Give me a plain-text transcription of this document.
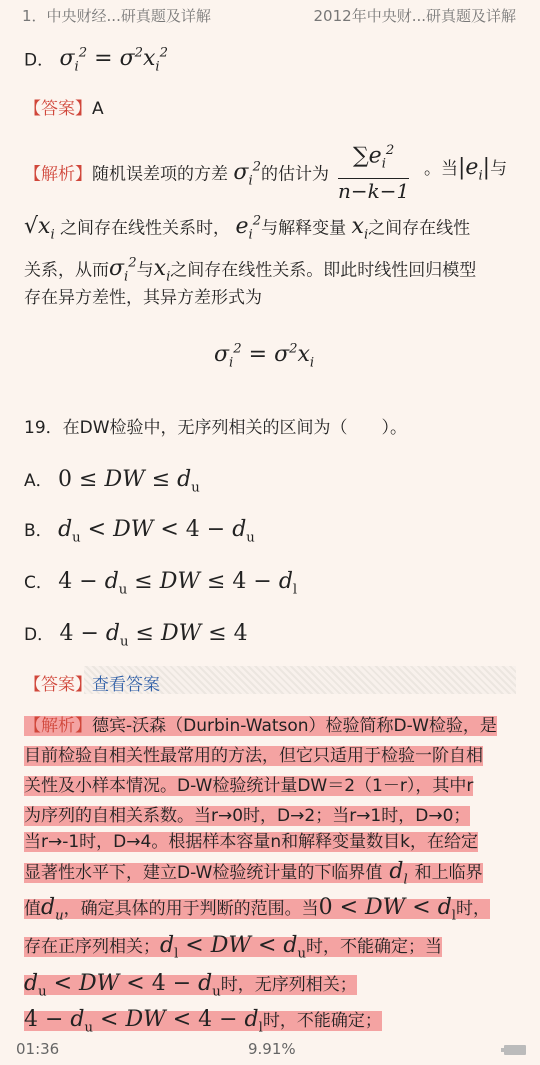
1．中央财经...研真题及详解	2012年中央财...研真题及详解
D． $\sigma_i^2 = \sigma^2x_i^2$
【答案】A
【解析】随机误差项的方差 $\sigma_i^2$的估计为 $\frac{\sum e_i^2}{n-k-1}$ 。当$|e_i|$与
$√x_i$ 之间存在线性关系时， $e_i^2$与解释变量 $x_i$之间存在线性
关系，从而$\sigma_i^2$与$x_i$之间存在线性关系。即此时线性回归模型
存在异方差性，其异方差形式为
$\sigma_i^2 = \sigma^2x_i$
19．在DW检验中，无序列相关的区间为（　　）。
A． 0 ≤ DW ≤ $d_u$
B． $d_u$ < DW < $4 - d_u$
C． $4 - d_u$ ≤ DW ≤ $4 - d_l$
D． $4 - d_u$ ≤ DW ≤ 4
【答案】查看答案
【解析】德宾-沃森（Durbin-Watson）检验简称D-W检验，是
目前检验自相关性最常用的方法，但它只适用于检验一阶自相
关性及小样本情况。D-W检验统计量DW＝2（1－r），其中r
为序列的自相关系数。当r→0时，D→2；当r→1时，D→0；
当r→-1时，D→4。根据样本容量n和解释变量数目k，在给定
显著性水平下，建立D-W检验统计量的下临界值 $d_l$ 和上临界
值$d_u$，确定具体的用于判断的范围。当0 < DW < $d_l$时，
存在正序列相关；$d_l$ < DW < $d_u$时，不能确定；当
$d_u$ < DW < $4 - d_u$时，无序列相关；
$4 - d_u$ < DW < $4 - d_l$时，不能确定；
01:36	9.91%
